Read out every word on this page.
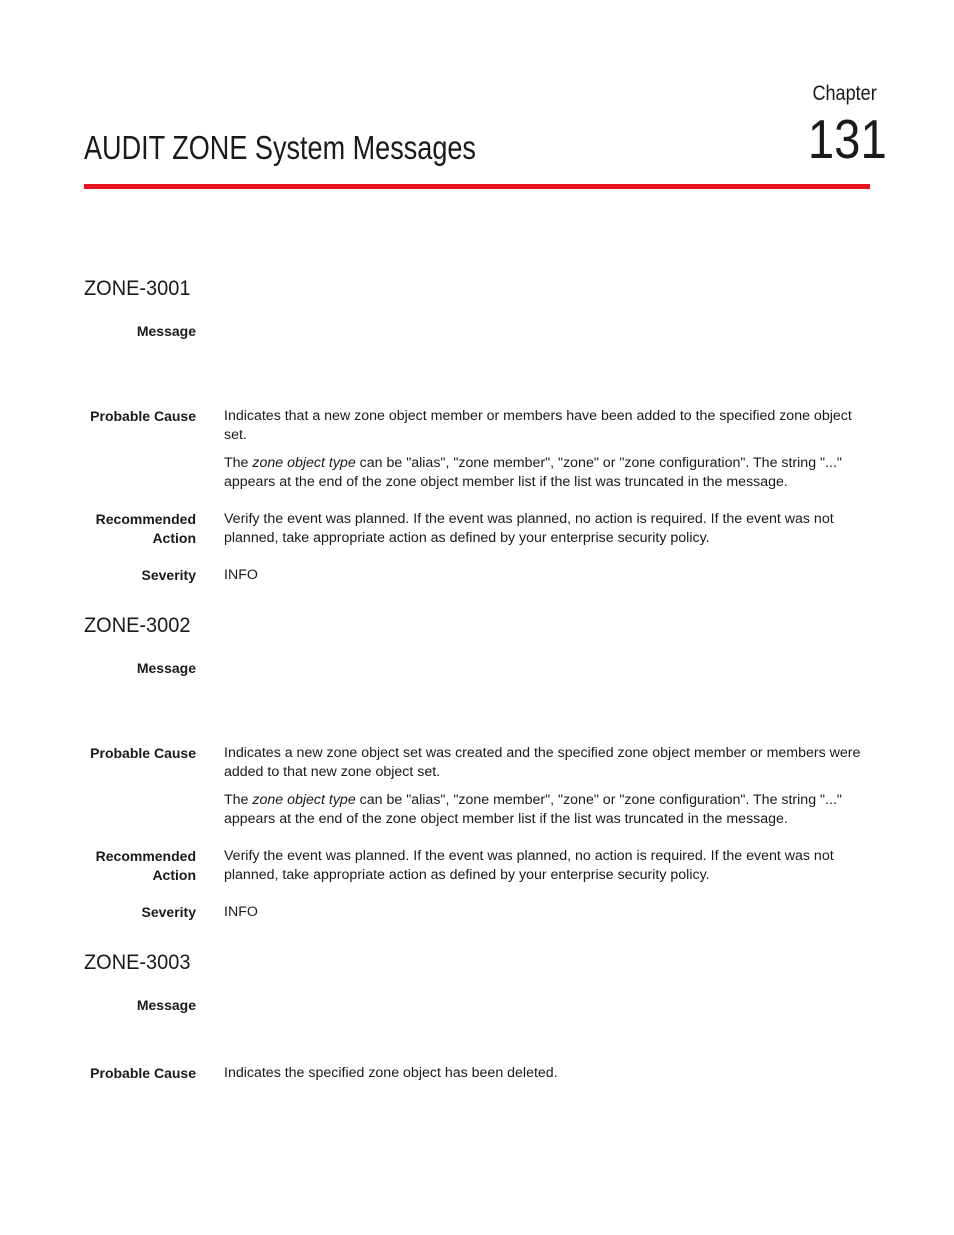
Chapter
131
AUDIT ZONE System Messages
ZONE-3001
Message
Probable Cause Indicates that a new zone object member or members have been added to the specified zone object set.

The zone object type can be "alias", "zone member", "zone" or "zone configuration". The string "..." appears at the end of the zone object member list if the list was truncated in the message.

Recommended
Action

Verify the event was planned. If the event was planned, no action is required. If the event was not planned, take appropriate action as defined by your enterprise security policy.

Severity INFO
ZONE-3002
Message
Probable Cause Indicates a new zone object set was created and the specified zone object member or members were added to that new zone object set.

The zone object type can be "alias", "zone member", "zone" or "zone configuration". The string "..." appears at the end of the zone object member list if the list was truncated in the message.

Recommended
Action

Verify the event was planned. If the event was planned, no action is required. If the event was not planned, take appropriate action as defined by your enterprise security policy.

Severity INFO
ZONE-3003
Message
Probable Cause Indicates the specified zone object has been deleted.
